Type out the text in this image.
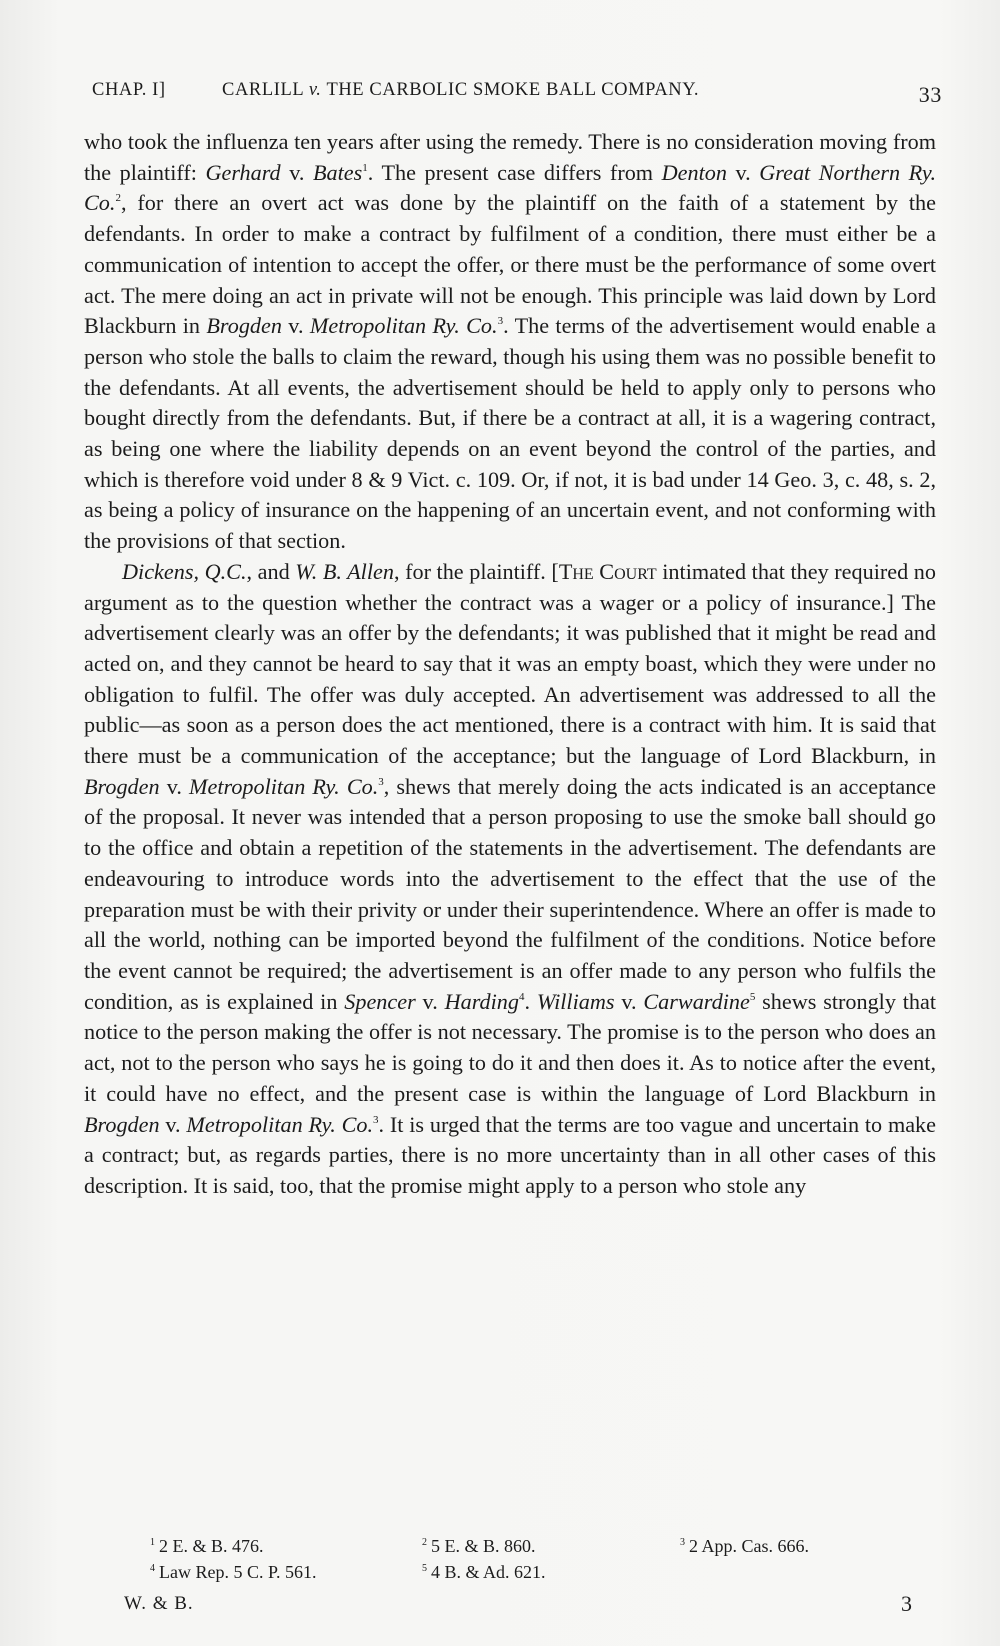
CHAP. I]	CARLILL v. THE CARBOLIC SMOKE BALL COMPANY.	33

who took the influenza ten years after using the remedy. There is no consideration moving from the plaintiff: Gerhard v. Bates$^1$. The present case differs from Denton v. Great Northern Ry. Co.$^2$, for there an overt act was done by the plaintiff on the faith of a statement by the defendants. In order to make a contract by fulfilment of a condition, there must either be a communication of intention to accept the offer, or there must be the performance of some overt act. The mere doing an act in private will not be enough. This principle was laid down by Lord Blackburn in Brogden v. Metropolitan Ry. Co.$^3$. The terms of the advertisement would enable a person who stole the balls to claim the reward, though his using them was no possible benefit to the defendants. At all events, the advertisement should be held to apply only to persons who bought directly from the defendants. But, if there be a contract at all, it is a wagering contract, as being one where the liability depends on an event beyond the control of the parties, and which is therefore void under 8 & 9 Vict. c. 109. Or, if not, it is bad under 14 Geo. 3, c. 48, s. 2, as being a policy of insurance on the happening of an uncertain event, and not conforming with the provisions of that section.

Dickens, Q.C., and W. B. Allen, for the plaintiff. [The Court intimated that they required no argument as to the question whether the contract was a wager or a policy of insurance.] The advertisement clearly was an offer by the defendants; it was published that it might be read and acted on, and they cannot be heard to say that it was an empty boast, which they were under no obligation to fulfil. The offer was duly accepted. An advertisement was addressed to all the public—as soon as a person does the act mentioned, there is a contract with him. It is said that there must be a communication of the acceptance; but the language of Lord Blackburn, in Brogden v. Metropolitan Ry. Co.$^3$, shews that merely doing the acts indicated is an acceptance of the proposal. It never was intended that a person proposing to use the smoke ball should go to the office and obtain a repetition of the statements in the advertisement. The defendants are endeavouring to introduce words into the advertisement to the effect that the use of the preparation must be with their privity or under their superintendence. Where an offer is made to all the world, nothing can be imported beyond the fulfilment of the conditions. Notice before the event cannot be required; the advertisement is an offer made to any person who fulfils the condition, as is explained in Spencer v. Harding$^4$. Williams v. Carwardine$^5$ shews strongly that notice to the person making the offer is not necessary. The promise is to the person who does an act, not to the person who says he is going to do it and then does it. As to notice after the event, it could have no effect, and the present case is within the language of Lord Blackburn in Brogden v. Metropolitan Ry. Co.$^3$. It is urged that the terms are too vague and uncertain to make a contract; but, as regards parties, there is no more uncertainty than in all other cases of this description. It is said, too, that the promise might apply to a person who stole any

$^1$ 2 E. & B. 476.	$^2$ 5 E. & B. 860.	$^3$ 2 App. Cas. 666.
$^4$ Law Rep. 5 C. P. 561.	$^5$ 4 B. & Ad. 621.
W. & B.	3
